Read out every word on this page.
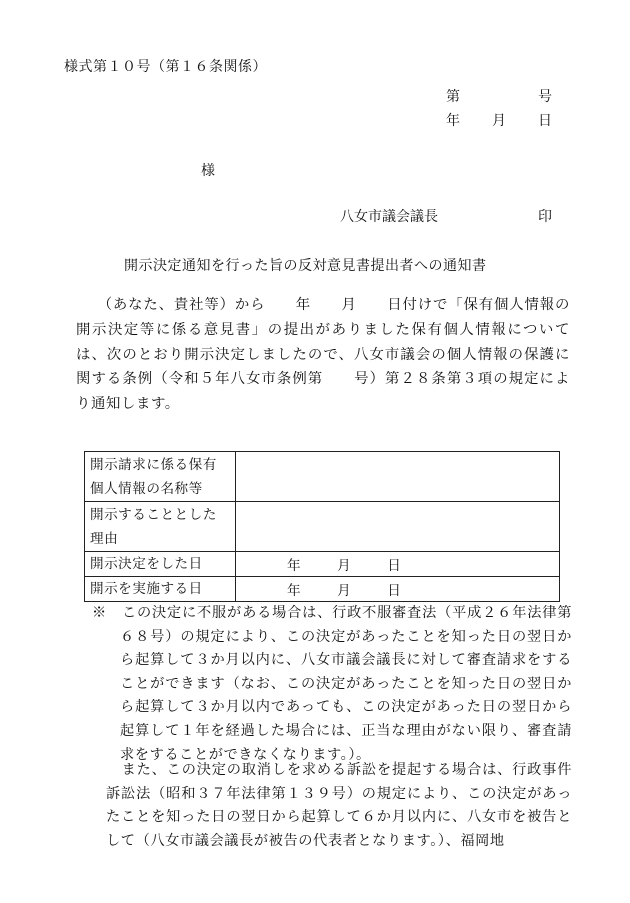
様式第１０号（第１６条関係）
第	号
年 月 日
様
八女市議会議長	印
開示決定通知を行った旨の反対意見書提出者への通知書
（あなた、貴社等）から　　年　　月　　日付けで「保有個人情報の開示決定等に係る意見書」の提出がありました保有個人情報については、次のとおり開示決定しましたので、八女市議会の個人情報の保護に関する条例（令和５年八女市条例第　　号）第２８条第３項の規定により通知します。
開示請求に係る保有
個人情報の名称等	

開示することとした
理由	

開示決定をした日	年 月 日
開示を実施する日	年 月 日
※　この決定に不服がある場合は、行政不服審査法（平成２６年法律第６８号）の規定により、この決定があったことを知った日の翌日から起算して３か月以内に、八女市議会議長に対して審査請求をすることができます（なお、この決定があったことを知った日の翌日から起算して３か月以内であっても、この決定があった日の翌日から起算して１年を経過した場合には、正当な理由がない限り、審査請求をすることができなくなります。）。
また、この決定の取消しを求める訴訟を提起する場合は、行政事件訴訟法（昭和３７年法律第１３９号）の規定により、この決定があったことを知った日の翌日から起算して６か月以内に、八女市を被告として（八女市議会議長が被告の代表者となります。）、福岡地
